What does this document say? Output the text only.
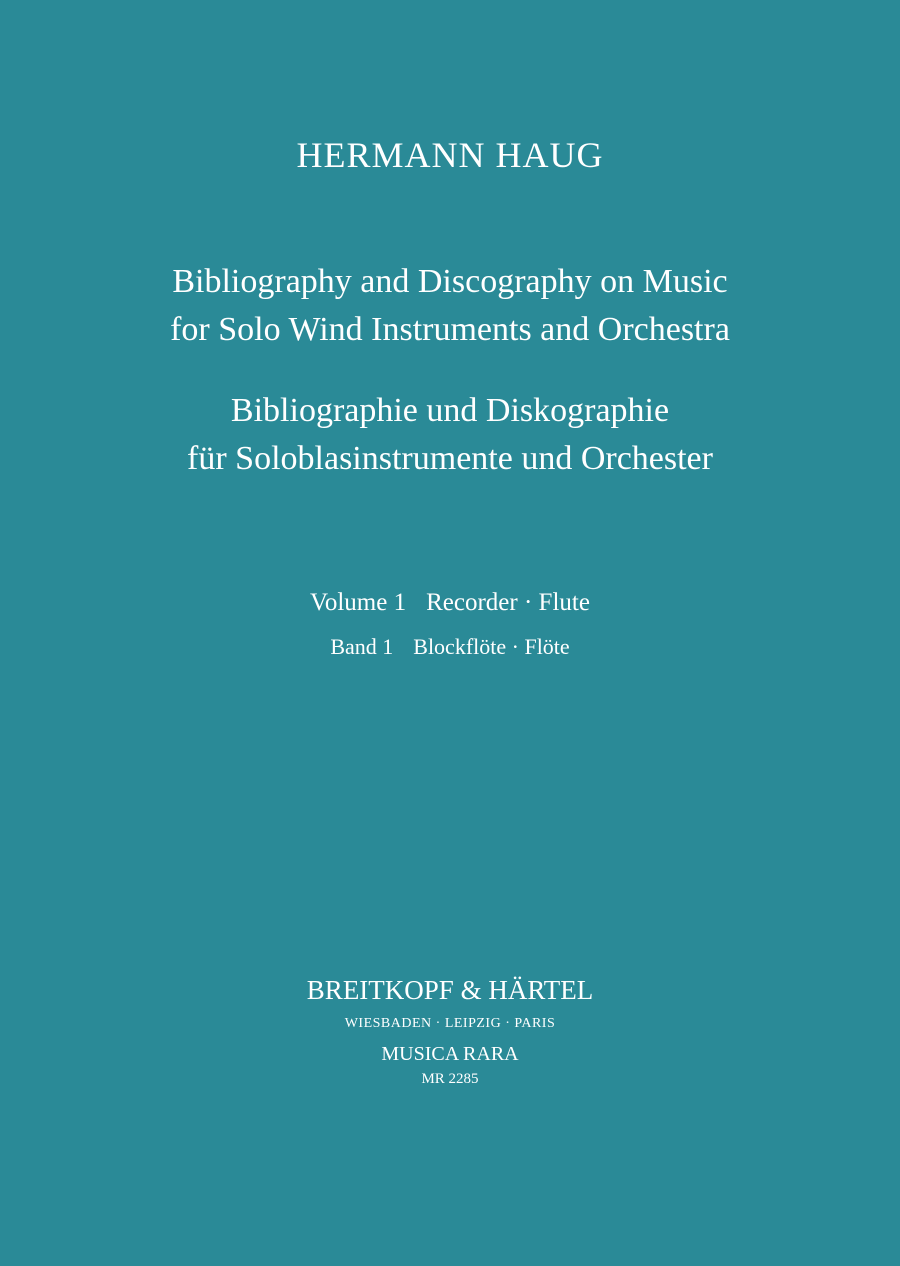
HERMANN HAUG

Bibliography and Discography on Music

for Solo Wind Instruments and Orchestra

Bibliographie und Diskographie

für Soloblasinstrumente und Orchester

Volume 1 Recorder · Flute

Band 1 Blockflöte · Flöte

BREITKOPF & HÄRTEL

WIESBADEN · LEIPZIG · PARIS

MUSICA RARA

MR 2285
